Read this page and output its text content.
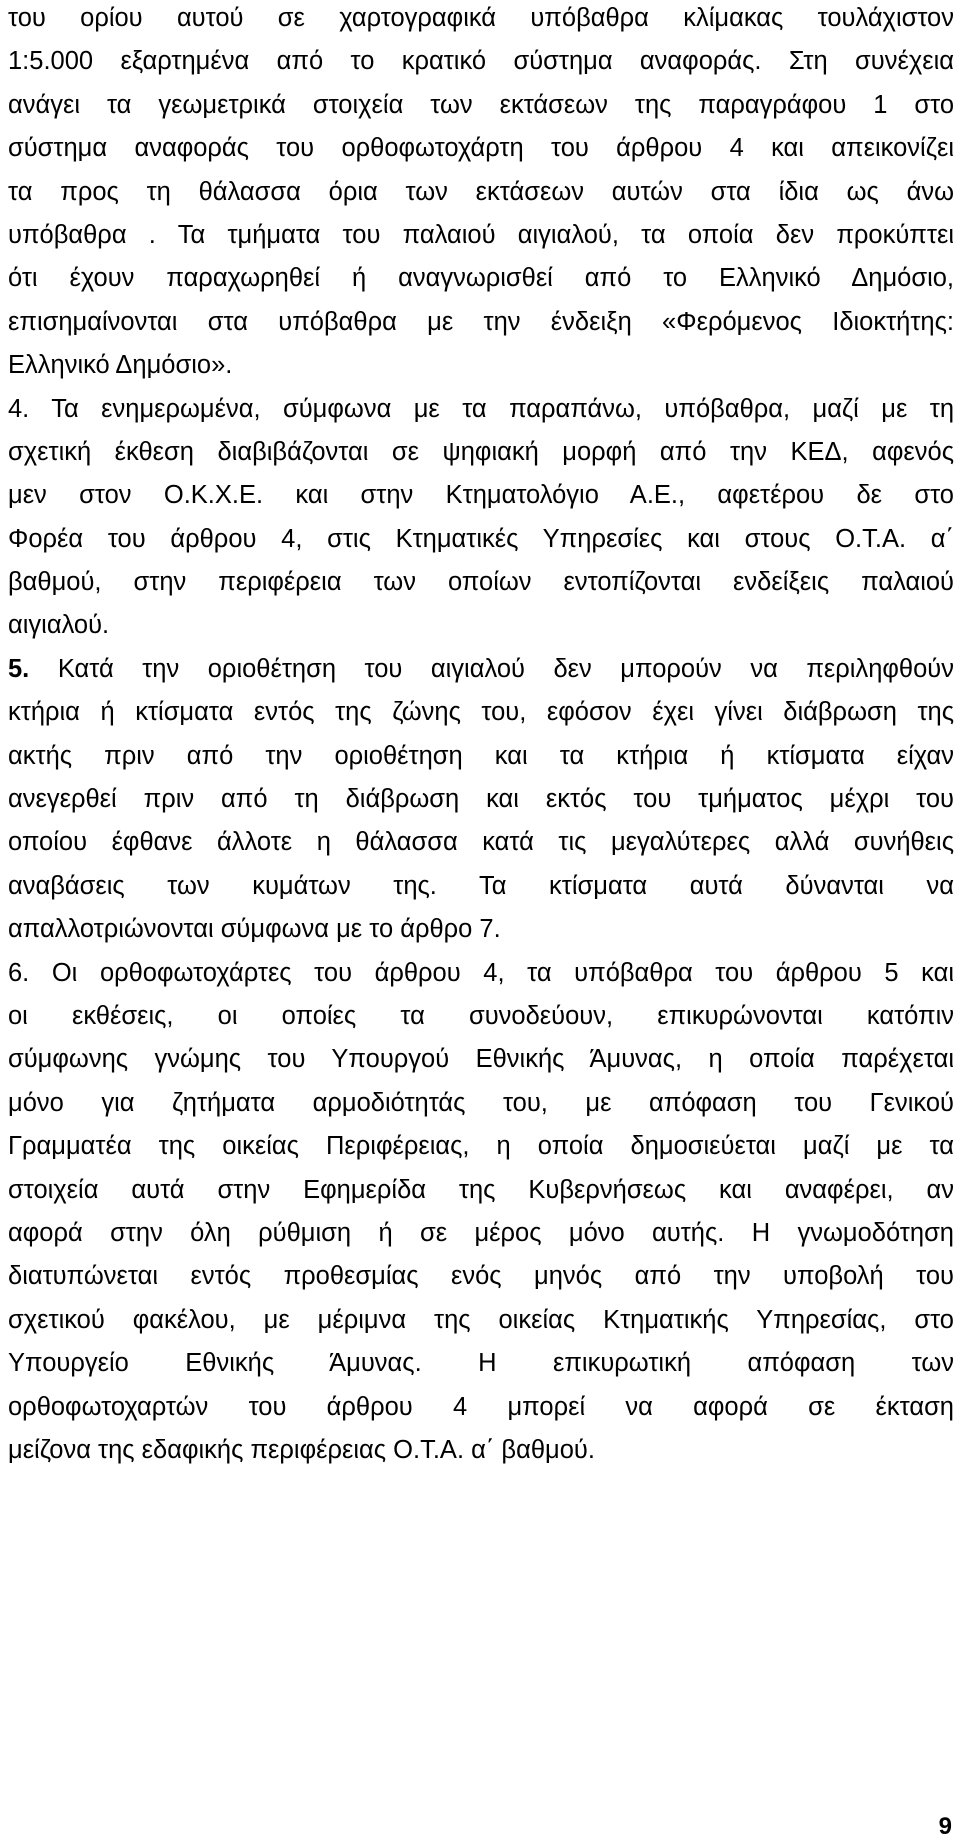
του ορίου αυτού σε χαρτογραφικά υπόβαθρα κλίμακας τουλάχιστον
1:5.000 εξαρτημένα από το κρατικό σύστημα αναφοράς. Στη συνέχεια
ανάγει τα γεωμετρικά στοιχεία των εκτάσεων της παραγράφου 1 στο
σύστημα αναφοράς του ορθοφωτοχάρτη του άρθρου 4 και απεικονίζει
τα προς τη θάλασσα όρια των εκτάσεων αυτών στα ίδια ως άνω
υπόβαθρα . Τα τμήματα του παλαιού αιγιαλού, τα οποία δεν προκύπτει
ότι έχουν παραχωρηθεί ή αναγνωρισθεί από το Ελληνικό Δημόσιο,
επισημαίνονται στα υπόβαθρα με την ένδειξη «Φερόμενος Ιδιοκτήτης:
Ελληνικό Δημόσιο».
4. Τα ενημερωμένα, σύμφωνα με τα παραπάνω, υπόβαθρα, μαζί με τη
σχετική έκθεση διαβιβάζονται σε ψηφιακή μορφή από την ΚΕΔ, αφενός
μεν στον Ο.Κ.Χ.Ε. και στην Κτηματολόγιο Α.Ε., αφετέρου δε στο
Φορέα του άρθρου 4, στις Κτηματικές Υπηρεσίες και στους Ο.Τ.Α. α΄
βαθμού, στην περιφέρεια των οποίων εντοπίζονται ενδείξεις παλαιού
αιγιαλού.
5. Κατά την οριοθέτηση του αιγιαλού δεν μπορούν να περιληφθούν
κτήρια ή κτίσματα εντός της ζώνης του, εφόσον έχει γίνει διάβρωση της
ακτής πριν από την οριοθέτηση και τα κτήρια ή κτίσματα είχαν
ανεγερθεί πριν από τη διάβρωση και εκτός του τμήματος μέχρι του
οποίου έφθανε άλλοτε η θάλασσα κατά τις μεγαλύτερες αλλά συνήθεις
αναβάσεις των κυμάτων της. Τα κτίσματα αυτά δύνανται να
απαλλοτριώνονται σύμφωνα με το άρθρο 7.
6. Οι ορθοφωτοχάρτες του άρθρου 4, τα υπόβαθρα του άρθρου 5 και
οι εκθέσεις, οι οποίες τα συνοδεύουν, επικυρώνονται κατόπιν
σύμφωνης γνώμης του Υπουργού Εθνικής Άμυνας, η οποία παρέχεται
μόνο για ζητήματα αρμοδιότητάς του, με απόφαση του Γενικού
Γραμματέα της οικείας Περιφέρειας, η οποία δημοσιεύεται μαζί με τα
στοιχεία αυτά στην Εφημερίδα της Κυβερνήσεως και αναφέρει, αν
αφορά στην όλη ρύθμιση ή σε μέρος μόνο αυτής. Η γνωμοδότηση
διατυπώνεται εντός προθεσμίας ενός μηνός από την υποβολή του
σχετικού φακέλου, με μέριμνα της οικείας Κτηματικής Υπηρεσίας, στο
Υπουργείο Εθνικής Άμυνας. Η επικυρωτική απόφαση των
ορθοφωτοχαρτών του άρθρου 4 μπορεί να αφορά σε έκταση
μείζονα της εδαφικής περιφέρειας Ο.Τ.Α. α΄ βαθμού.
9
